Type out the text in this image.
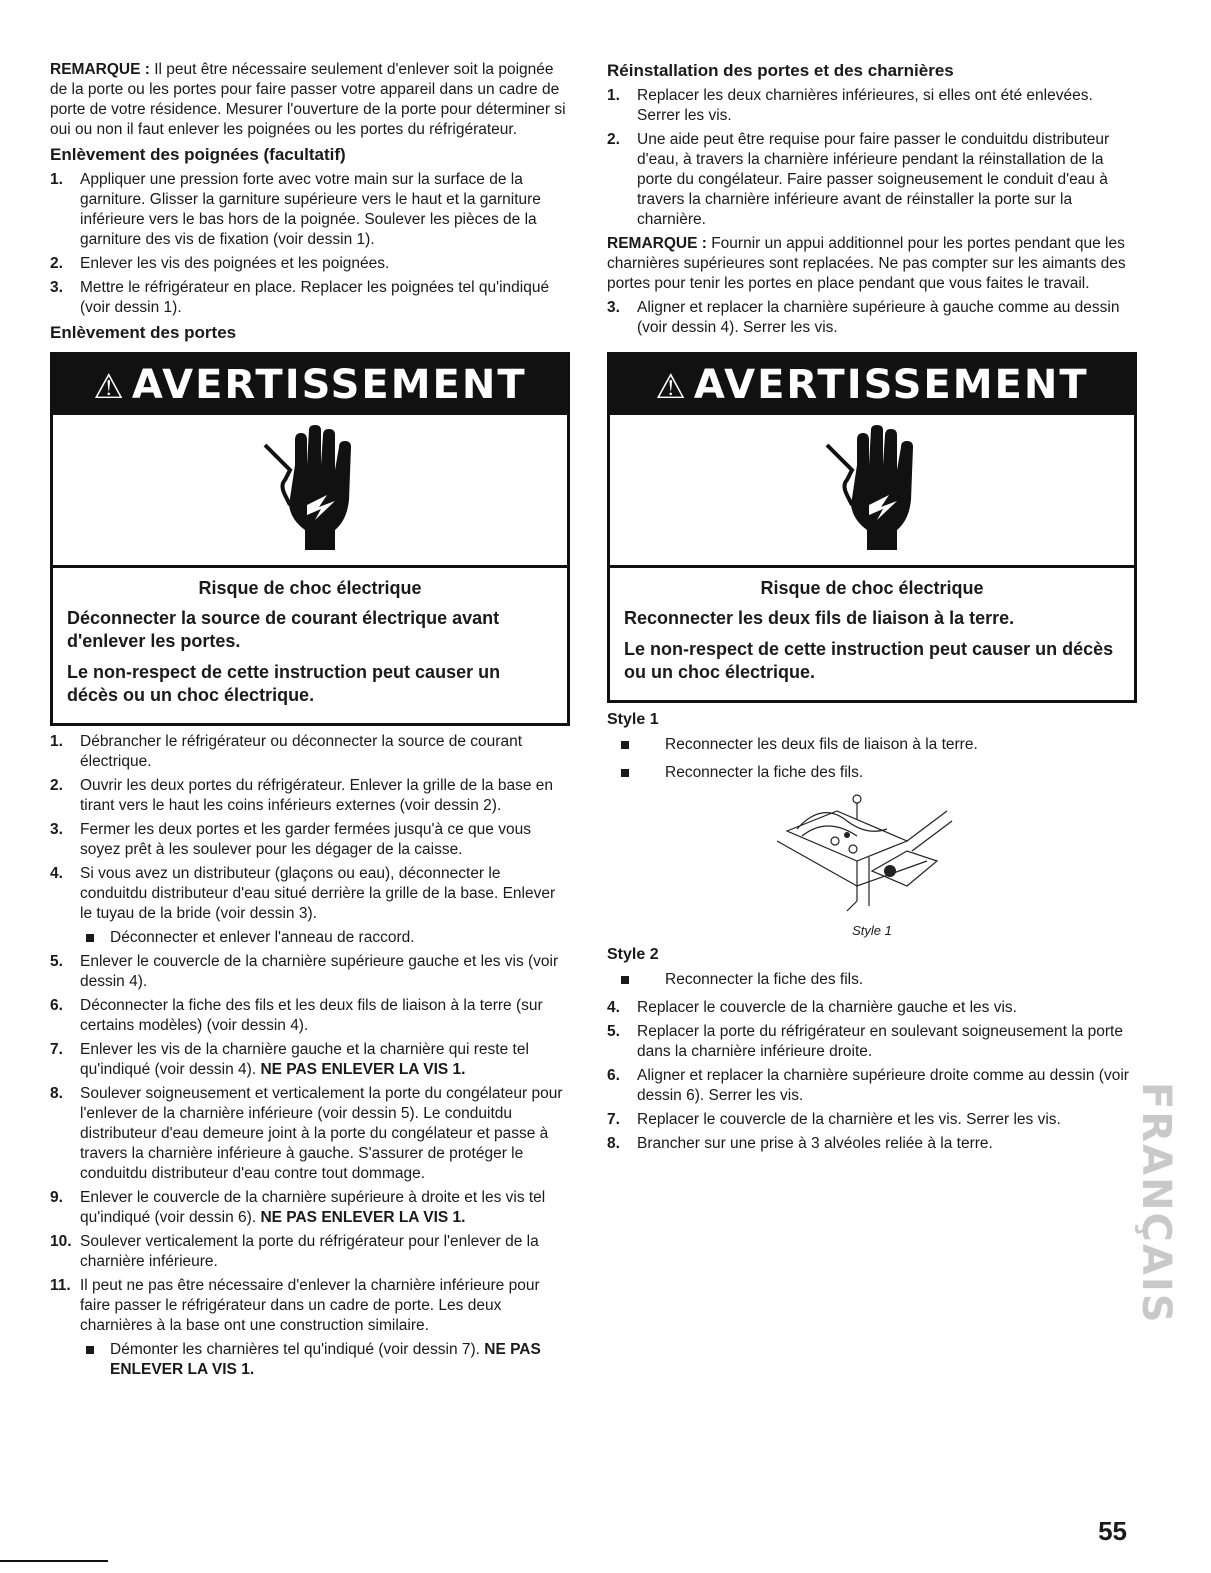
REMARQUE : Il peut être nécessaire seulement d'enlever soit la poignée de la porte ou les portes pour faire passer votre appareil dans un cadre de porte de votre résidence. Mesurer l'ouverture de la porte pour déterminer si oui ou non il faut enlever les poignées ou les portes du réfrigérateur.

Enlèvement des poignées (facultatif)
1. Appliquer une pression forte avec votre main sur la surface de la garniture. Glisser la garniture supérieure vers le haut et la garniture inférieure vers le bas hors de la poignée. Soulever les pièces de la garniture des vis de fixation (voir dessin 1).
2. Enlever les vis des poignées et les poignées.
3. Mettre le réfrigérateur en place. Replacer les poignées tel qu'indiqué (voir dessin 1).
Enlèvement des portes
⚠ AVERTISSEMENT
Risque de choc électrique
Déconnecter la source de courant électrique avant d'enlever les portes.
Le non-respect de cette instruction peut causer un décès ou un choc électrique.
1. Débrancher le réfrigérateur ou déconnecter la source de courant électrique.
2. Ouvrir les deux portes du réfrigérateur. Enlever la grille de la base en tirant vers le haut les coins inférieurs externes (voir dessin 2).
3. Fermer les deux portes et les garder fermées jusqu'à ce que vous soyez prêt à les soulever pour les dégager de la caisse.
4. Si vous avez un distributeur (glaçons ou eau), déconnecter le conduitdu distributeur d'eau situé derrière la grille de la base. Enlever le tuyau de la bride (voir dessin 3).
Déconnecter et enlever l'anneau de raccord.
5. Enlever le couvercle de la charnière supérieure gauche et les vis (voir dessin 4).
6. Déconnecter la fiche des fils et les deux fils de liaison à la terre (sur certains modèles) (voir dessin 4).
7. Enlever les vis de la charnière gauche et la charnière qui reste tel qu'indiqué (voir dessin 4). NE PAS ENLEVER LA VIS 1.
8. Soulever soigneusement et verticalement la porte du congélateur pour l'enlever de la charnière inférieure (voir dessin 5). Le conduitdu distributeur d'eau demeure joint à la porte du congélateur et passe à travers la charnière inférieure à gauche. S'assurer de protéger le conduitdu distributeur d'eau contre tout dommage.
9. Enlever le couvercle de la charnière supérieure à droite et les vis tel qu'indiqué (voir dessin 6). NE PAS ENLEVER LA VIS 1.
10. Soulever verticalement la porte du réfrigérateur pour l'enlever de la charnière inférieure.
11. Il peut ne pas être nécessaire d'enlever la charnière inférieure pour faire passer le réfrigérateur dans un cadre de porte. Les deux charnières à la base ont une construction similaire.
Démonter les charnières tel qu'indiqué (voir dessin 7). NE PAS ENLEVER LA VIS 1.
Réinstallation des portes et des charnières
1. Replacer les deux charnières inférieures, si elles ont été enlevées. Serrer les vis.
2. Une aide peut être requise pour faire passer le conduitdu distributeur d'eau, à travers la charnière inférieure pendant la réinstallation de la porte du congélateur. Faire passer soigneusement le conduit d'eau à travers la charnière inférieure avant de réinstaller la porte sur la charnière.

REMARQUE : Fournir un appui additionnel pour les portes pendant que les charnières supérieures sont replacées. Ne pas compter sur les aimants des portes pour tenir les portes en place pendant que vous faites le travail.

3. Aligner et replacer la charnière supérieure à gauche comme au dessin (voir dessin 4). Serrer les vis.
⚠ AVERTISSEMENT
Risque de choc électrique
Reconnecter les deux fils de liaison à la terre.
Le non-respect de cette instruction peut causer un décès ou un choc électrique.
Style 1
Reconnecter les deux fils de liaison à la terre.
Reconnecter la fiche des fils.
Style 1
Style 2
Reconnecter la fiche des fils.
4. Replacer le couvercle de la charnière gauche et les vis.
5. Replacer la porte du réfrigérateur en soulevant soigneusement la porte dans la charnière inférieure droite.
6. Aligner et replacer la charnière supérieure droite comme au dessin (voir dessin 6). Serrer les vis.
7. Replacer le couvercle de la charnière et les vis. Serrer les vis.
8. Brancher sur une prise à 3 alvéoles reliée à la terre.	FRANÇAIS
55
